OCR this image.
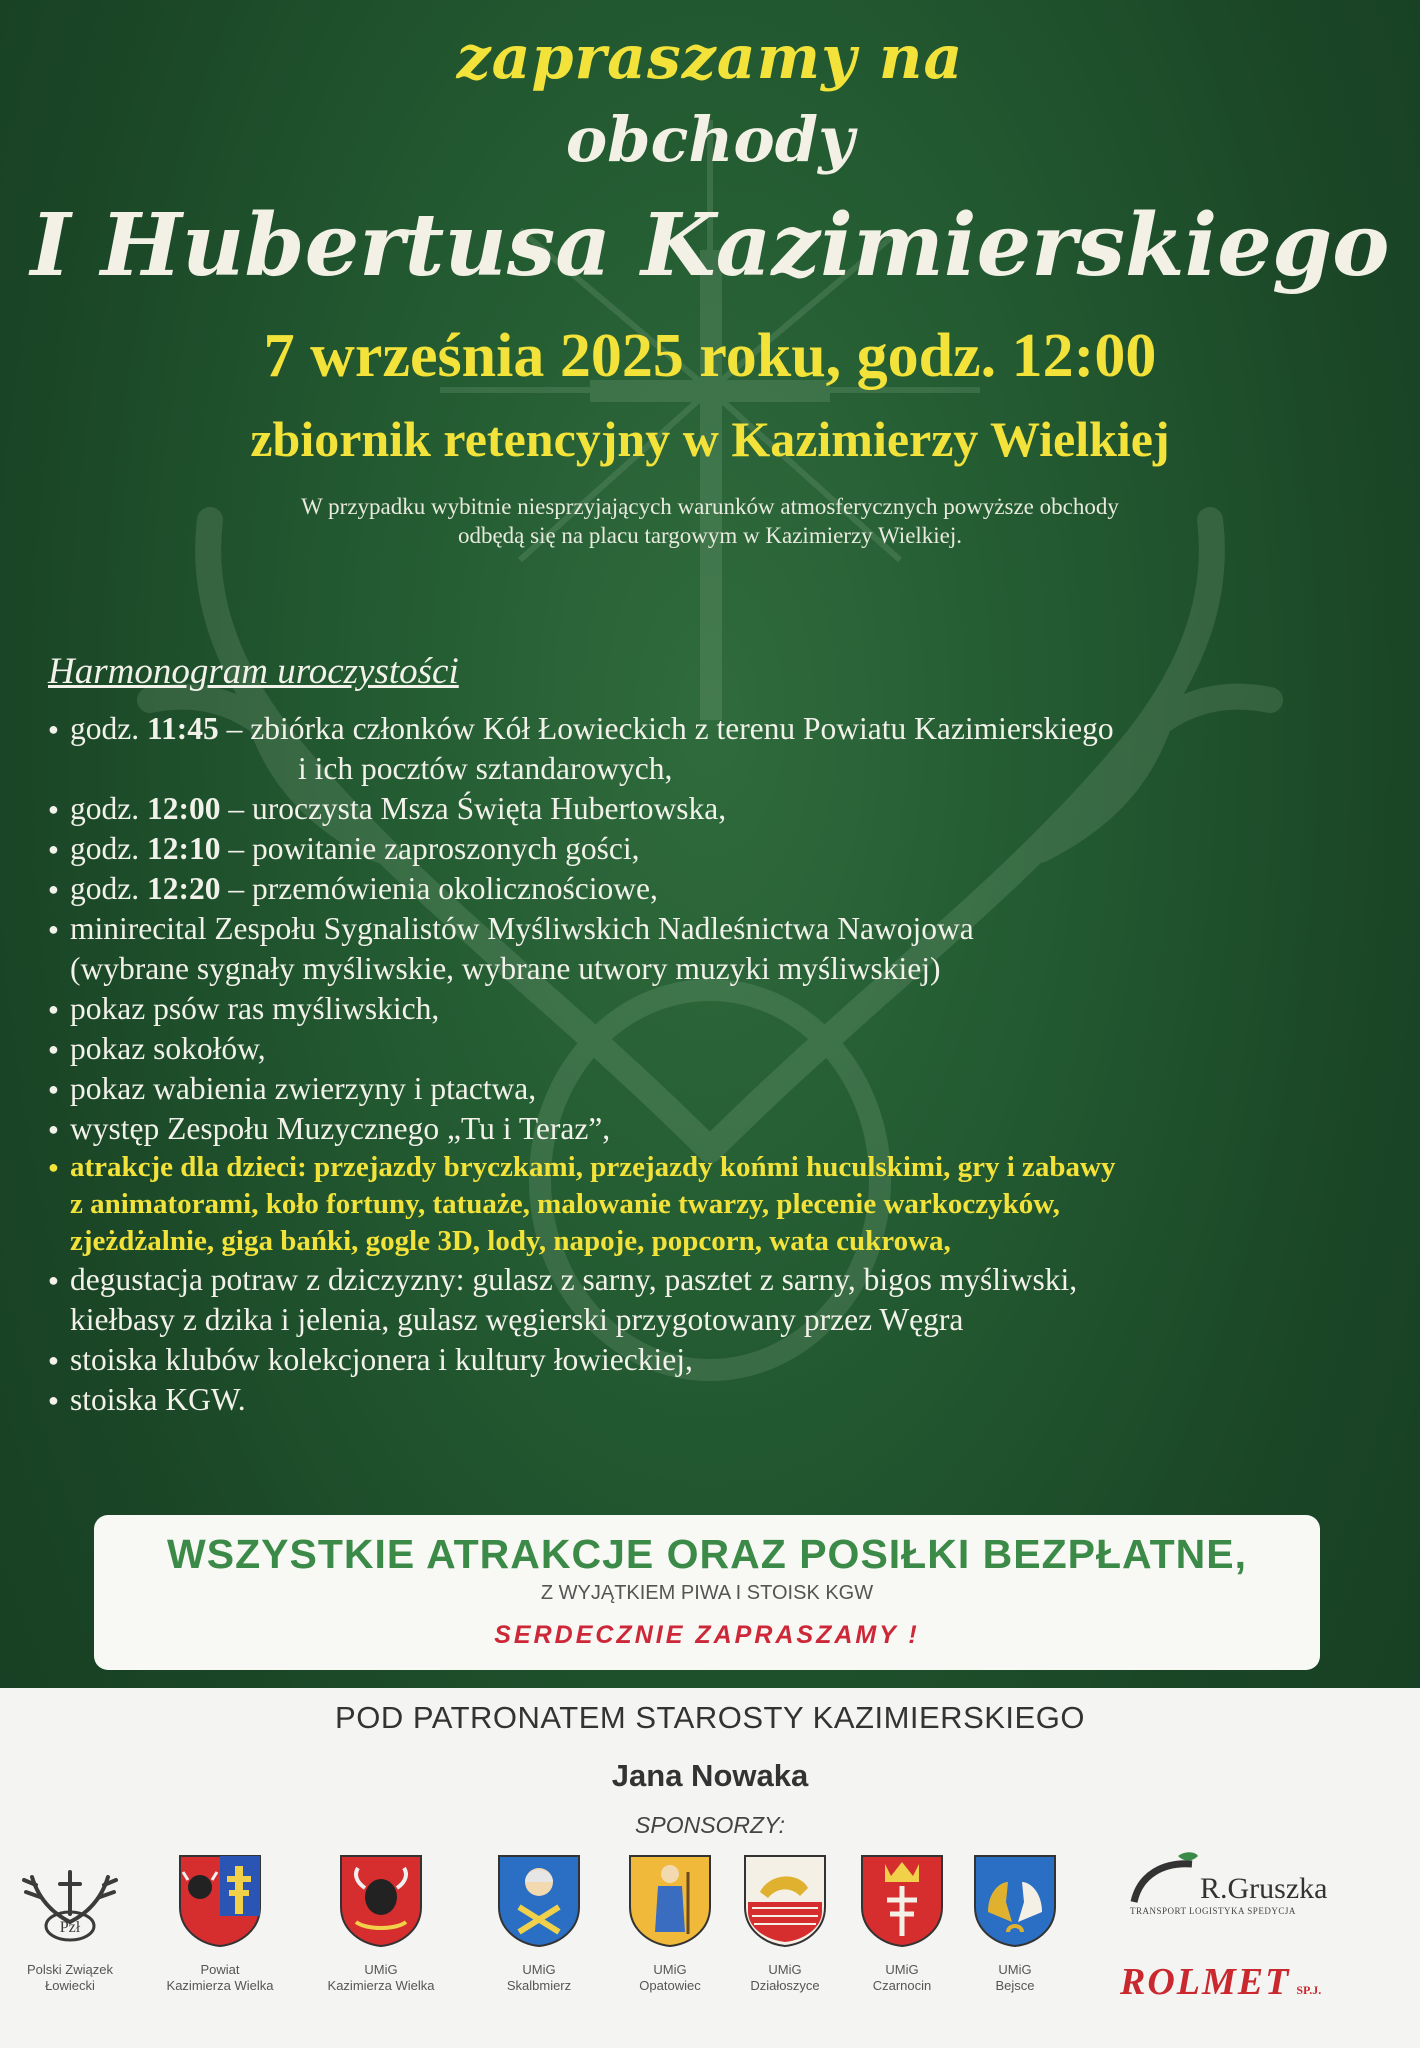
zapraszamy na
obchody
I Hubertusa Kazimierskiego
7 września 2025 roku, godz. 12:00
zbiornik retencyjny w Kazimierzy Wielkiej
W przypadku wybitnie niesprzyjających warunków atmosferycznych powyższe obchody
odbędą się na placu targowym w Kazimierzy Wielkiej.
Harmonogram uroczystości
● godz. 11:45 – zbiórka członków Kół Łowieckich z terenu Powiatu Kazimierskiego
i ich pocztów sztandarowych,
● godz. 12:00 – uroczysta Msza Święta Hubertowska,
● godz. 12:10 – powitanie zaproszonych gości,
● godz. 12:20 – przemówienia okolicznościowe,
● minirecital Zespołu Sygnalistów Myśliwskich Nadleśnictwa Nawojowa
(wybrane sygnały myśliwskie, wybrane utwory muzyki myśliwskiej)
● pokaz psów ras myśliwskich,
● pokaz sokołów,
● pokaz wabienia zwierzyny i ptactwa,
● występ Zespołu Muzycznego „Tu i Teraz”,
● atrakcje dla dzieci: przejazdy bryczkami, przejazdy końmi huculskimi, gry i zabawy
z animatorami, koło fortuny, tatuaże, malowanie twarzy, plecenie warkoczyków,
zjeżdżalnie, giga bańki, gogle 3D, lody, napoje, popcorn, wata cukrowa,
● degustacja potraw z dziczyzny: gulasz z sarny, pasztet z sarny, bigos myśliwski,
kiełbasy z dzika i jelenia, gulasz węgierski przygotowany przez Węgra
● stoiska klubów kolekcjonera i kultury łowieckiej,
● stoiska KGW.
WSZYSTKIE ATRAKCJE ORAZ POSIŁKI BEZPŁATNE,
Z WYJĄTKIEM PIWA I STOISK KGW
SERDECZNIE ZAPRASZAMY !
POD PATRONATEM STAROSTY KAZIMIERSKIEGO
Jana Nowaka
SPONSORZY:
Pzł
Polski Związek
Łowiecki
Powiat
Kazimierza Wielka
UMiG
Kazimierza Wielka
UMiG
Skalbmierz
UMiG
Opatowiec
UMiG
Działoszyce
UMiG
Czarnocin
UMiG
Bejsce
R.Gruszka
TRANSPORT LOGISTYKA SPEDYCJA
ROLMET SP.J.
